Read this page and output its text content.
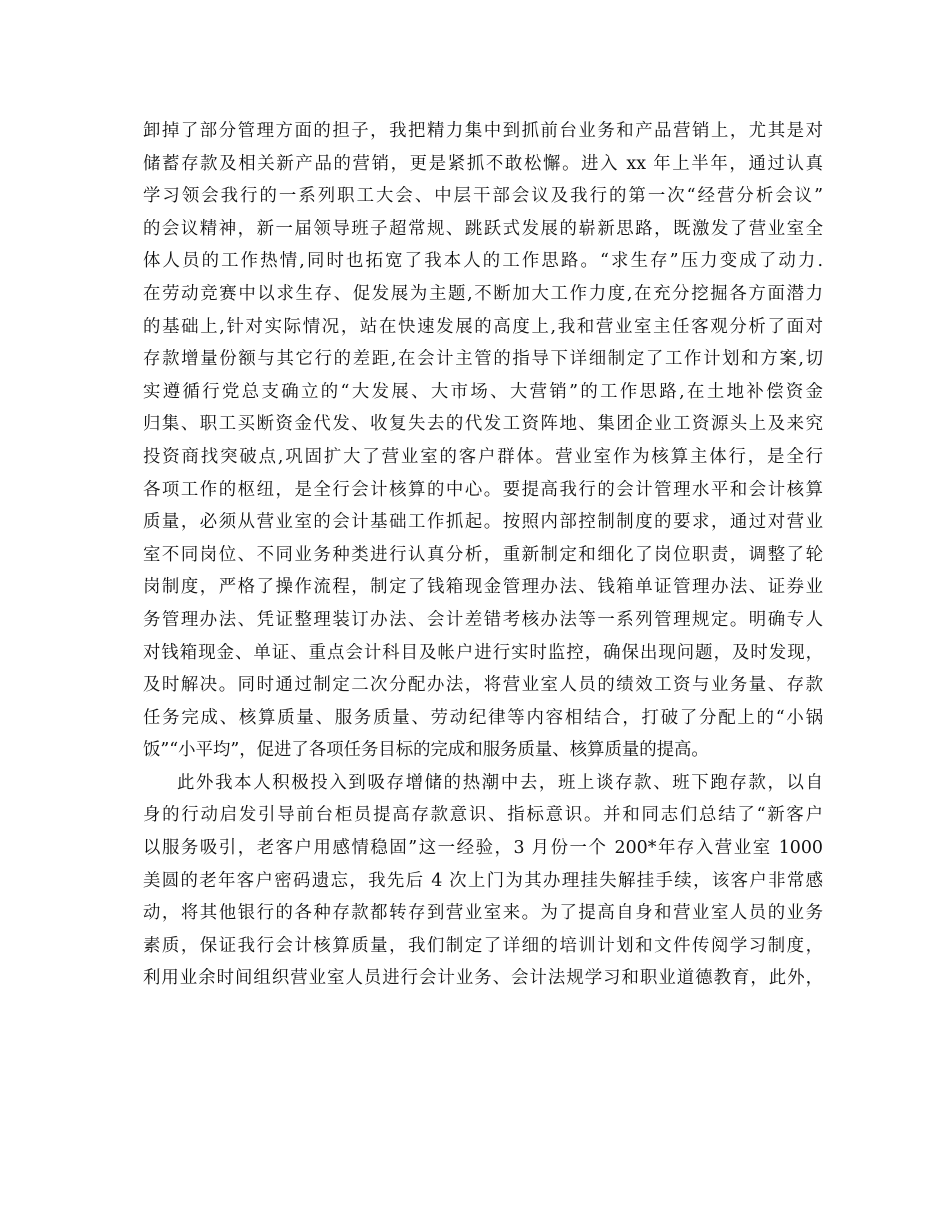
卸掉了部分管理方面的担子，我把精力集中到抓前台业务和产品营销上，尤其是对
储蓄存款及相关新产品的营销，更是紧抓不敢松懈。进入 xx 年上半年，通过认真
学习领会我行的一系列职工大会、中层干部会议及我行的第一次“经营分析会议”
的会议精神，新一届领导班子超常规、跳跃式发展的崭新思路，既激发了营业室全
体人员的工作热情,同时也拓宽了我本人的工作思路。“求生存”压力变成了动力.
在劳动竞赛中以求生存、促发展为主题,不断加大工作力度,在充分挖掘各方面潜力
的基础上,针对实际情况，站在快速发展的高度上,我和营业室主任客观分析了面对
存款增量份额与其它行的差距,在会计主管的指导下详细制定了工作计划和方案,切
实遵循行党总支确立的“大发展、大市场、大营销”的工作思路,在土地补偿资金
归集、职工买断资金代发、收复失去的代发工资阵地、集团企业工资源头上及来究
投资商找突破点,巩固扩大了营业室的客户群体。营业室作为核算主体行，是全行
各项工作的枢纽，是全行会计核算的中心。要提高我行的会计管理水平和会计核算
质量，必须从营业室的会计基础工作抓起。按照内部控制制度的要求，通过对营业
室不同岗位、不同业务种类进行认真分析，重新制定和细化了岗位职责，调整了轮
岗制度，严格了操作流程，制定了钱箱现金管理办法、钱箱单证管理办法、证券业
务管理办法、凭证整理装订办法、会计差错考核办法等一系列管理规定。明确专人
对钱箱现金、单证、重点会计科目及帐户进行实时监控，确保出现问题，及时发现，
及时解决。同时通过制定二次分配办法，将营业室人员的绩效工资与业务量、存款
任务完成、核算质量、服务质量、劳动纪律等内容相结合，打破了分配上的“小锅
饭”“小平均”，促进了各项任务目标的完成和服务质量、核算质量的提高。
此外我本人积极投入到吸存增储的热潮中去，班上谈存款、班下跑存款，以自
身的行动启发引导前台柜员提高存款意识、指标意识。并和同志们总结了“新客户
以服务吸引，老客户用感情稳固”这一经验，3 月份一个 200*年存入营业室 1000
美圆的老年客户密码遗忘，我先后 4 次上门为其办理挂失解挂手续，该客户非常感
动，将其他银行的各种存款都转存到营业室来。为了提高自身和营业室人员的业务
素质，保证我行会计核算质量，我们制定了详细的培训计划和文件传阅学习制度，
利用业余时间组织营业室人员进行会计业务、会计法规学习和职业道德教育，此外，
